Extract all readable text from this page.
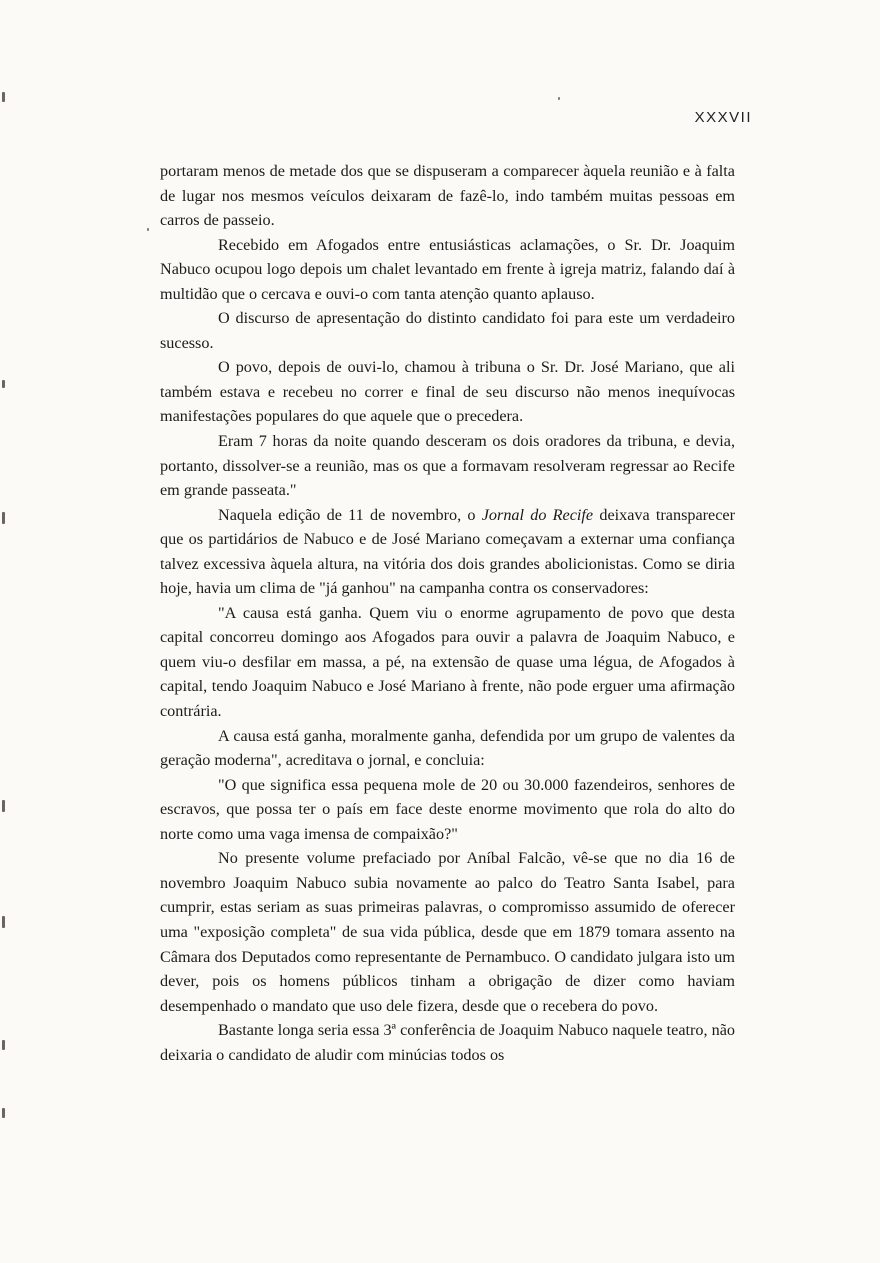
XXXVII

portaram menos de metade dos que se dispuseram a comparecer àquela reunião e à falta de lugar nos mesmos veículos deixaram de fazê-lo, indo também muitas pessoas em carros de passeio.

Recebido em Afogados entre entusiásticas aclamações, o Sr. Dr. Joaquim Nabuco ocupou logo depois um chalet levantado em frente à igreja matriz, falando daí à multidão que o cercava e ouvi-o com tanta atenção quanto aplauso.

O discurso de apresentação do distinto candidato foi para este um verdadeiro sucesso.

O povo, depois de ouvi-lo, chamou à tribuna o Sr. Dr. José Mariano, que ali também estava e recebeu no correr e final de seu discurso não menos inequívocas manifestações populares do que aquele que o precedera.

Eram 7 horas da noite quando desceram os dois oradores da tribuna, e devia, portanto, dissolver-se a reunião, mas os que a formavam resolveram regressar ao Recife em grande passeata."

Naquela edição de 11 de novembro, o Jornal do Recife deixava transparecer que os partidários de Nabuco e de José Mariano começavam a externar uma confiança talvez excessiva àquela altura, na vitória dos dois grandes abolicionistas. Como se diria hoje, havia um clima de "já ganhou" na campanha contra os conservadores:

"A causa está ganha. Quem viu o enorme agrupamento de povo que desta capital concorreu domingo aos Afogados para ouvir a palavra de Joaquim Nabuco, e quem viu-o desfilar em massa, a pé, na extensão de quase uma légua, de Afogados à capital, tendo Joaquim Nabuco e José Mariano à frente, não pode erguer uma afirmação contrária.

A causa está ganha, moralmente ganha, defendida por um grupo de valentes da geração moderna", acreditava o jornal, e concluia:

"O que significa essa pequena mole de 20 ou 30.000 fazendeiros, senhores de escravos, que possa ter o país em face deste enorme movimento que rola do alto do norte como uma vaga imensa de compaixão?"

No presente volume prefaciado por Aníbal Falcão, vê-se que no dia 16 de novembro Joaquim Nabuco subia novamente ao palco do Teatro Santa Isabel, para cumprir, estas seriam as suas primeiras palavras, o compromisso assumido de oferecer uma "exposição completa" de sua vida pública, desde que em 1879 tomara assento na Câmara dos Deputados como representante de Pernambuco. O candidato julgara isto um dever, pois os homens públicos tinham a obrigação de dizer como haviam desempenhado o mandato que uso dele fizera, desde que o recebera do povo.

Bastante longa seria essa 3ª conferência de Joaquim Nabuco naquele teatro, não deixaria o candidato de aludir com minúcias todos os
